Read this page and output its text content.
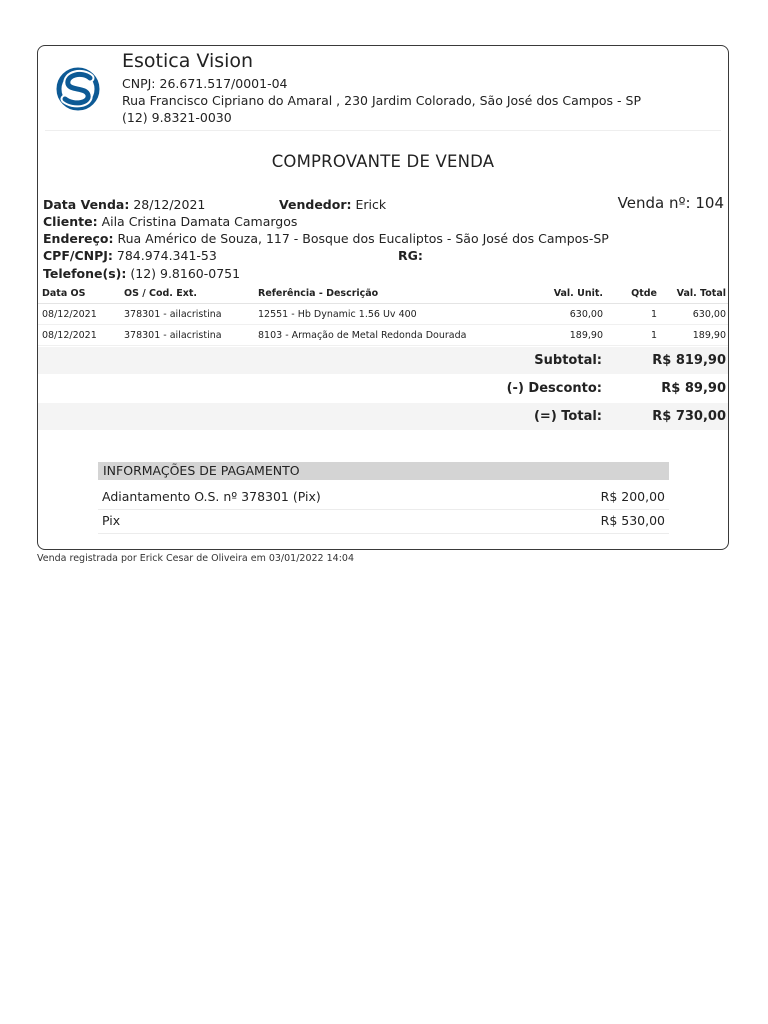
Esotica Vision
CNPJ: 26.671.517/0001-04
Rua Francisco Cipriano do Amaral , 230 Jardim Colorado, São José dos Campos - SP
(12) 9.8321-0030
COMPROVANTE DE VENDA
Data Venda: 28/12/2021	Vendedor: Erick	Venda nº: 104
Cliente: Aila Cristina Damata Camargos
Endereço: Rua Américo de Souza, 117 - Bosque dos Eucaliptos - São José dos Campos-SP
CPF/CNPJ: 784.974.341-53	RG:
Telefone(s): (12) 9.8160-0751
Data OS	OS / Cod. Ext.	Referência - Descrição	Val. Unit.	Qtde	Val. Total
08/12/2021	378301 - ailacristina	12551 - Hb Dynamic 1.56 Uv 400	630,00	1	630,00
08/12/2021	378301 - ailacristina	8103 - Armação de Metal Redonda Dourada	189,90	1	189,90
Subtotal:	R$ 819,90
(-) Desconto:	R$ 89,90
(=) Total:	R$ 730,00
INFORMAÇÕES DE PAGAMENTO
Adiantamento O.S. nº 378301 (Pix)	R$ 200,00
Pix	R$ 530,00
Venda registrada por Erick Cesar de Oliveira em 03/01/2022 14:04
